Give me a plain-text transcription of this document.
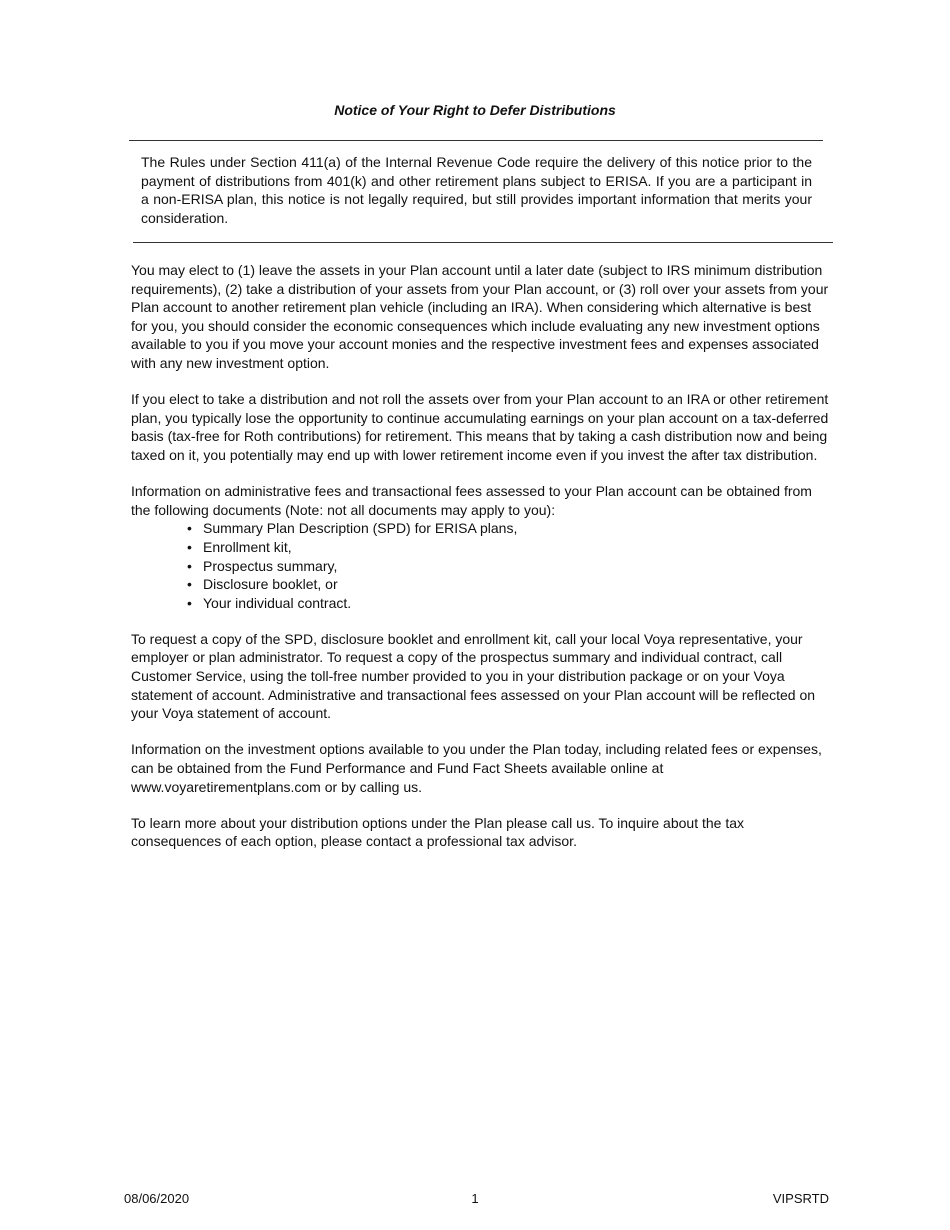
Notice of Your Right to Defer Distributions
The Rules under Section 411(a) of the Internal Revenue Code require the delivery of this notice prior to the payment of distributions from 401(k) and other retirement plans subject to ERISA. If you are a participant in a non-ERISA plan, this notice is not legally required, but still provides important information that merits your consideration.

You may elect to (1) leave the assets in your Plan account until a later date (subject to IRS minimum distribution requirements), (2) take a distribution of your assets from your Plan account, or (3) roll over your assets from your Plan account to another retirement plan vehicle (including an IRA). When considering which alternative is best for you, you should consider the economic consequences which include evaluating any new investment options available to you if you move your account monies and the respective investment fees and expenses associated with any new investment option.

If you elect to take a distribution and not roll the assets over from your Plan account to an IRA or other retirement plan, you typically lose the opportunity to continue accumulating earnings on your plan account on a tax-deferred basis (tax-free for Roth contributions) for retirement. This means that by taking a cash distribution now and being taxed on it, you potentially may end up with lower retirement income even if you invest the after tax distribution.

Information on administrative fees and transactional fees assessed to your Plan account can be obtained from the following documents (Note: not all documents may apply to you):

• Summary Plan Description (SPD) for ERISA plans,
• Enrollment kit,
• Prospectus summary,
• Disclosure booklet, or
• Your individual contract.

To request a copy of the SPD, disclosure booklet and enrollment kit, call your local Voya representative, your employer or plan administrator. To request a copy of the prospectus summary and individual contract, call Customer Service, using the toll-free number provided to you in your distribution package or on your Voya statement of account. Administrative and transactional fees assessed on your Plan account will be reflected on your Voya statement of account.

Information on the investment options available to you under the Plan today, including related fees or expenses, can be obtained from the Fund Performance and Fund Fact Sheets available online at www.voyaretirementplans.com or by calling us.

To learn more about your distribution options under the Plan please call us. To inquire about the tax consequences of each option, please contact a professional tax advisor.

08/06/2020	1	VIPSRTD
